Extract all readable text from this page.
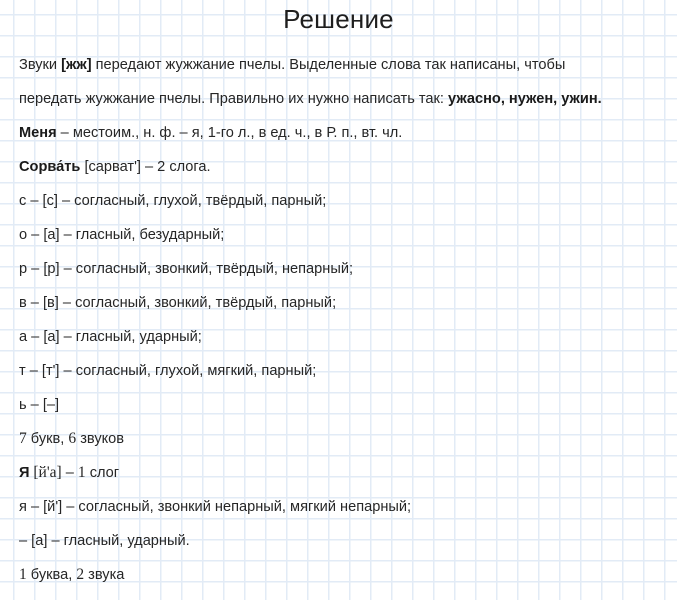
Решение
Звуки [жж] передают жужжание пчелы. Выделенные слова так написаны, чтобы
передать жужжание пчелы. Правильно их нужно написать так: ужасно, нужен, ужин.
Меня – местоим., н. ф. – я, 1-го л., в ед. ч., в Р. п., вт. чл.
Сорва́ть [сарват'] – 2 слога.
с – [с] – согласный, глухой, твёрдый, парный;
о – [а] – гласный, безударный;
р – [р] – согласный, звонкий, твёрдый, непарный;
в – [в] – согласный, звонкий, твёрдый, парный;
а – [а] – гласный, ударный;
т – [т'] – согласный, глухой, мягкий, парный;
ь – [–]
7 букв, 6 звуков
Я [й'а] – 1 слог
я – [й'] – согласный, звонкий непарный, мягкий непарный;
– [а] – гласный, ударный.
1 буква, 2 звука
